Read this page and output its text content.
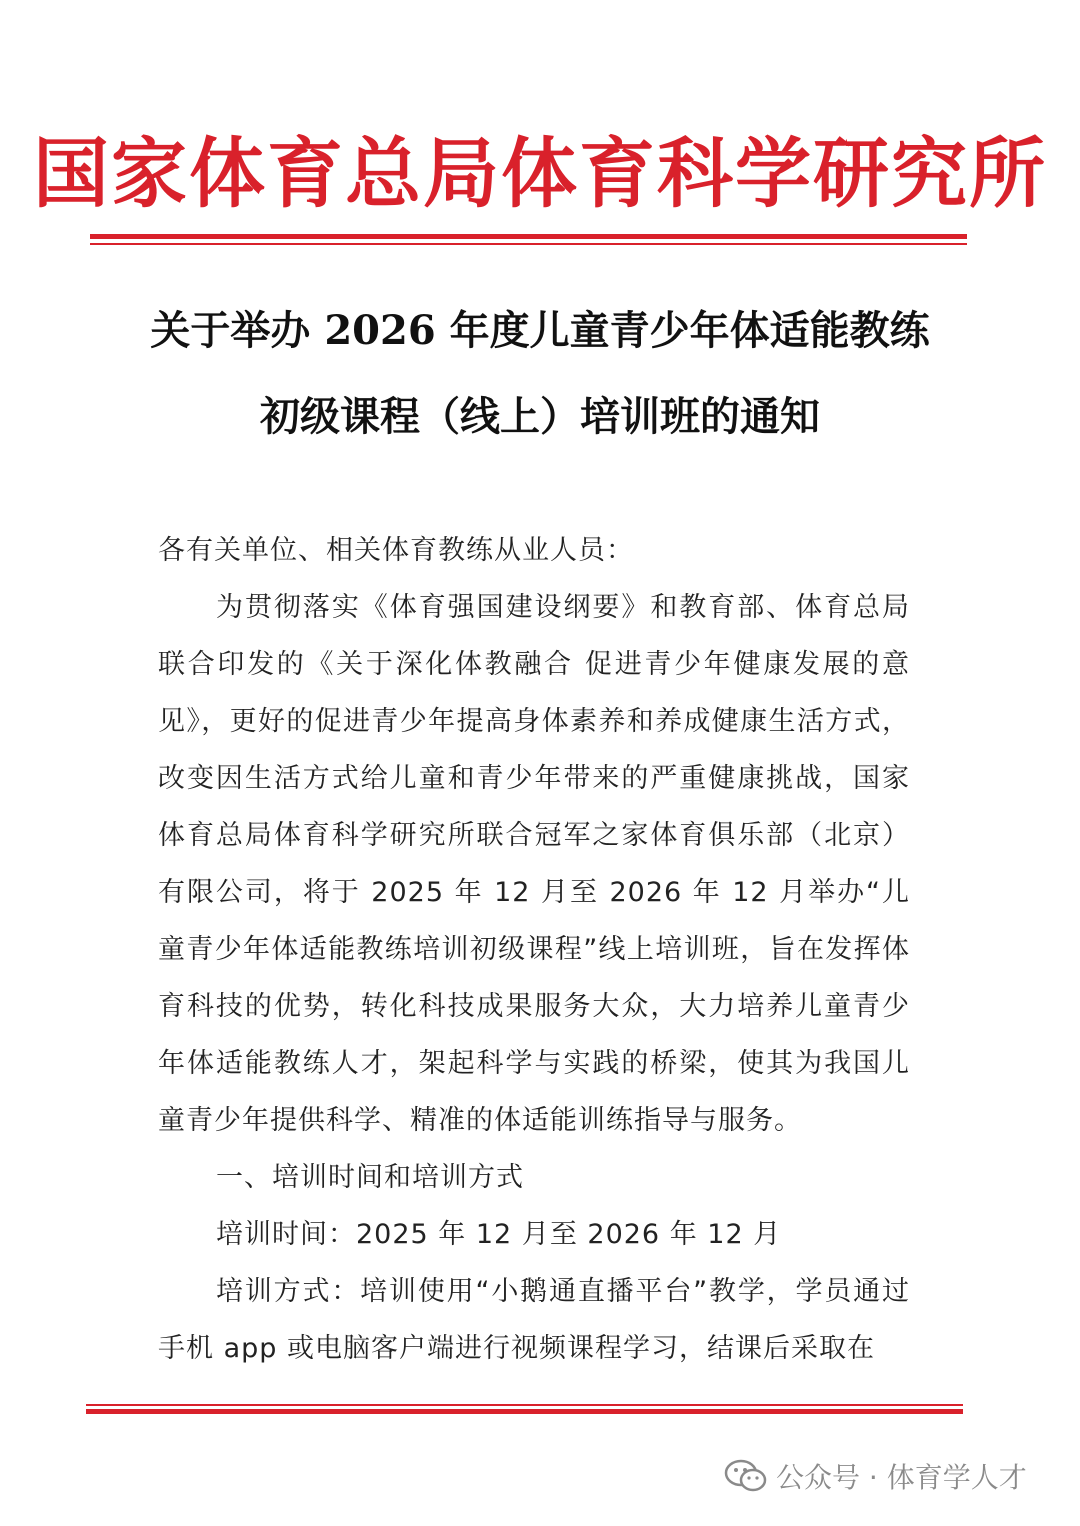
国家体育总局体育科学研究所
关于举办 2026 年度儿童青少年体适能教练
初级课程（线上）培训班的通知

各有关单位、相关体育教练从业人员：

为贯彻落实《体育强国建设纲要》和教育部、体育总局联合印发的《关于深化体教融合 促进青少年健康发展的意见》，更好的促进青少年提高身体素养和养成健康生活方式，改变因生活方式给儿童和青少年带来的严重健康挑战，国家体育总局体育科学研究所联合冠军之家体育俱乐部（北京）有限公司，将于 2025 年 12 月至 2026 年 12 月举办“儿童青少年体适能教练培训初级课程”线上培训班，旨在发挥体育科技的优势，转化科技成果服务大众，大力培养儿童青少年体适能教练人才，架起科学与实践的桥梁，使其为我国儿童青少年提供科学、精准的体适能训练指导与服务。

一、培训时间和培训方式

培训时间：2025 年 12 月至 2026 年 12 月

培训方式：培训使用“小鹅通直播平台”教学，学员通过手机 app 或电脑客户端进行视频课程学习，结课后采取在

公众号 · 体育学人才
